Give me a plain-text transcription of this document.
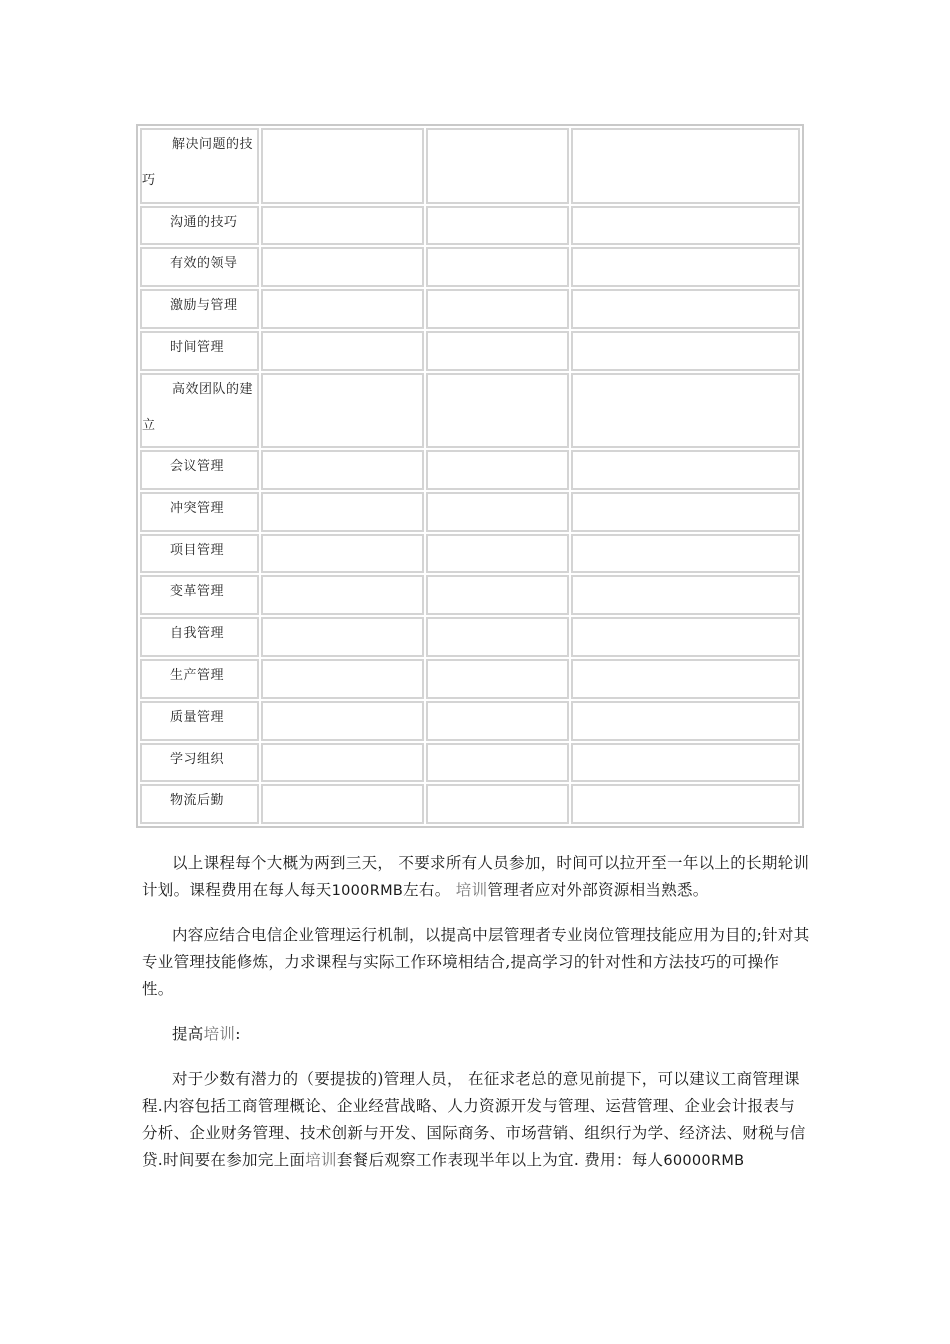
解决问题的技巧
沟通的技巧
有效的领导
激励与管理
时间管理
高效团队的建立
会议管理
冲突管理
项目管理
变革管理
自我管理
生产管理
质量管理
学习组织
物流后勤

以上课程每个大概为两到三天， 不要求所有人员参加，时间可以拉开至一年以上的长期轮训计划。课程费用在每人每天1000RMB左右。 培训管理者应对外部资源相当熟悉。

内容应结合电信企业管理运行机制，以提高中层管理者专业岗位管理技能应用为目的;针对其专业管理技能修炼，力求课程与实际工作环境相结合,提高学习的针对性和方法技巧的可操作性。

提高培训:

对于少数有潜力的（要提拔的)管理人员， 在征求老总的意见前提下，可以建议工商管理课程.内容包括工商管理概论、企业经营战略、人力资源开发与管理、运营管理、企业会计报表与分析、企业财务管理、技术创新与开发、国际商务、市场营销、组织行为学、经济法、财税与信贷.时间要在参加完上面培训套餐后观察工作表现半年以上为宜. 费用：每人60000RMB
